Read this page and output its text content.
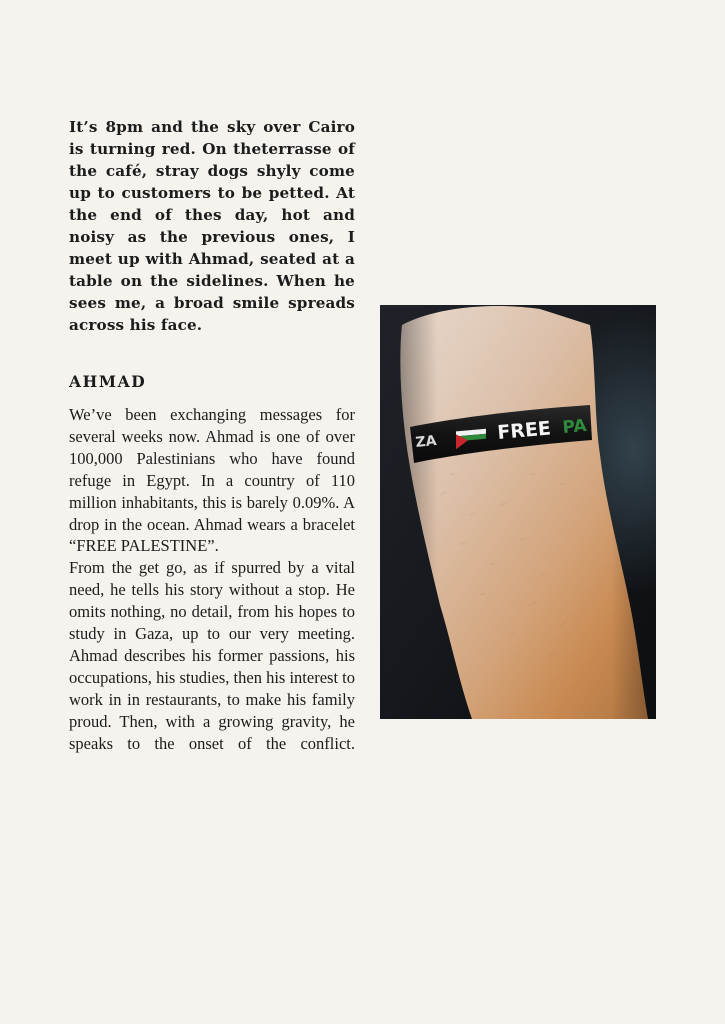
It’s 8pm and the sky over Cairo is turning red. On theterrasse of the café, stray dogs shyly come up to customers to be petted. At the end of thes day, hot and noisy as the previous ones, I meet up with Ahmad, seated at a table on the sidelines. When he sees me, a broad smile spreads across his face.

AHMAD

We’ve been exchanging messages for several weeks now. Ahmad is one of over 100,000 Palestinians who have found refuge in Egypt. In a country of 110 million inhabitants, this is barely 0.09%. A drop in the ocean. Ahmad wears a bracelet “FREE PALESTINE”.

From the get go, as if spurred by a vital need, he tells his story without a stop. He omits nothing, no detail, from his hopes to study in Gaza, up to our very meeting. Ahmad describes his former passions, his occupations, his studies, then his interest to work in in restaurants, to make his family proud. Then, with a growing gravity, he speaks to the onset of the conflict.

ZA	FREE PA
